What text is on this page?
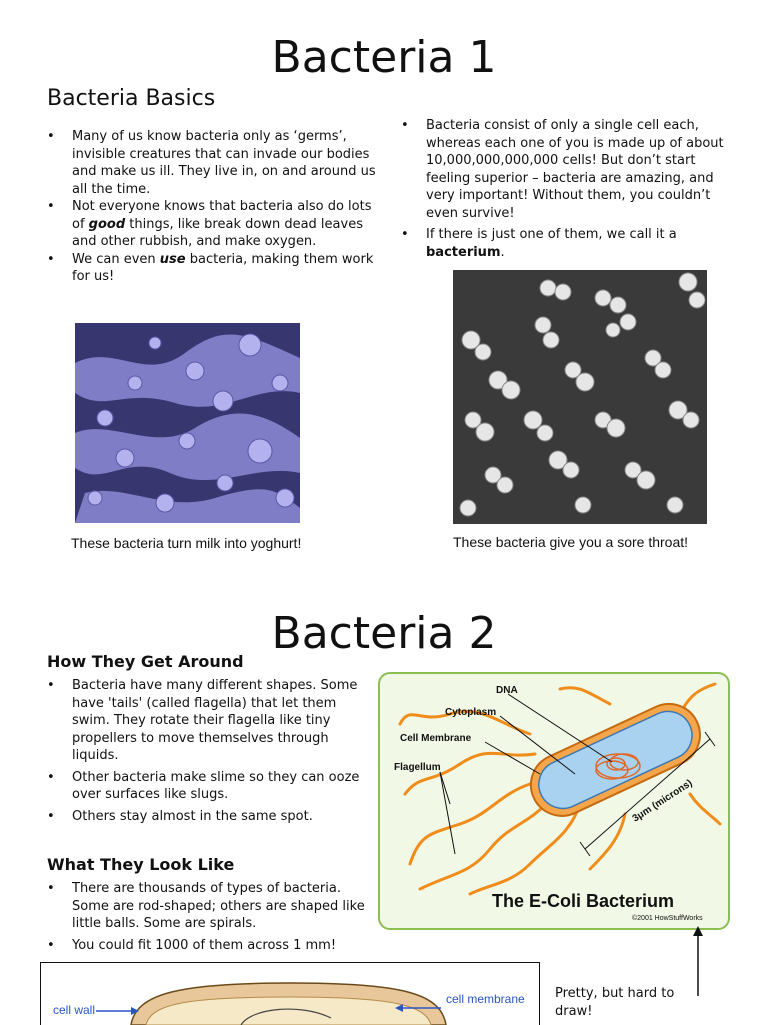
Bacteria 1
Bacteria Basics
• Many of us know bacteria only as ‘germs’, invisible creatures that can invade our bodies and make us ill. They live in, on and around us all the time.
• Not everyone knows that bacteria also do lots of good things, like break down dead leaves and other rubbish, and make oxygen.
• We can even use bacteria, making them work for us!
• Bacteria consist of only a single cell each, whereas each one of you is made up of about 10,000,000,000,000 cells! But don’t start feeling superior – bacteria are amazing, and very important! Without them, you couldn’t even survive!
• If there is just one of them, we call it a bacterium.
These bacteria turn milk into yoghurt!	These bacteria give you a sore throat!
Bacteria 2
How They Get Around
• Bacteria have many different shapes. Some have 'tails' (called flagella) that let them swim. They rotate their flagella like tiny propellers to move themselves through liquids.
• Other bacteria make slime so they can ooze over surfaces like slugs.
• Others stay almost in the same spot.
What They Look Like
• There are thousands of types of bacteria. Some are rod-shaped; others are shaped like little balls. Some are spirals.
• You could fit 1000 of them across 1 mm!
DNA
Cytoplasm
Cell Membrane
Flagellum
3μm (microns)
The E-Coli Bacterium
©2001 HowStuffWorks
Pretty, but hard to draw!
cell wall
cell membrane
